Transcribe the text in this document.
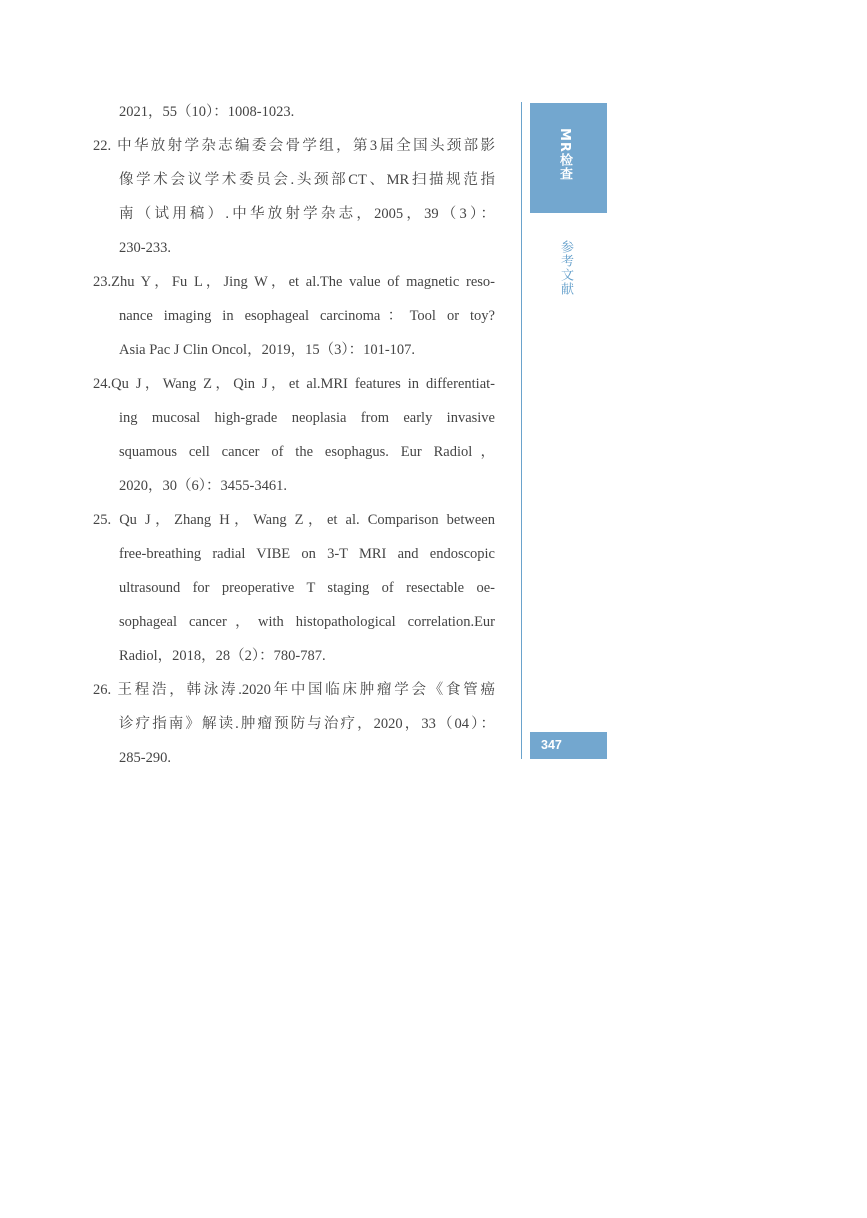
2021，55（10）：1008-1023.
22. 中华放射学杂志编委会骨学组，第3届全国头颈部影
像学术会议学术委员会.头颈部CT、MR扫描规范指
南（试用稿）.中华放射学杂志，2005，39（3）：
230-233.
23.Zhu Y，Fu L，Jing W，et al.The value of magnetic reso-
nance imaging in esophageal carcinoma：Tool or toy?
Asia Pac J Clin Oncol，2019，15（3）：101-107.
24.Qu J，Wang Z，Qin J，et al.MRI features in differentiat-
ing mucosal high-grade neoplasia from early invasive
squamous cell cancer of the esophagus. Eur Radiol，
2020，30（6）：3455-3461.
25. Qu J，Zhang H，Wang Z，et al. Comparison between
free-breathing radial VIBE on 3-T MRI and endoscopic
ultrasound for preoperative T staging of resectable oe-
sophageal cancer，with histopathological correlation.Eur
Radiol，2018，28（2）：780-787.
26. 王程浩，韩泳涛.2020年中国临床肿瘤学会《食管癌
诊疗指南》解读.肿瘤预防与治疗，2020，33（04）：
285-290.
MR检查
参考文献
347
